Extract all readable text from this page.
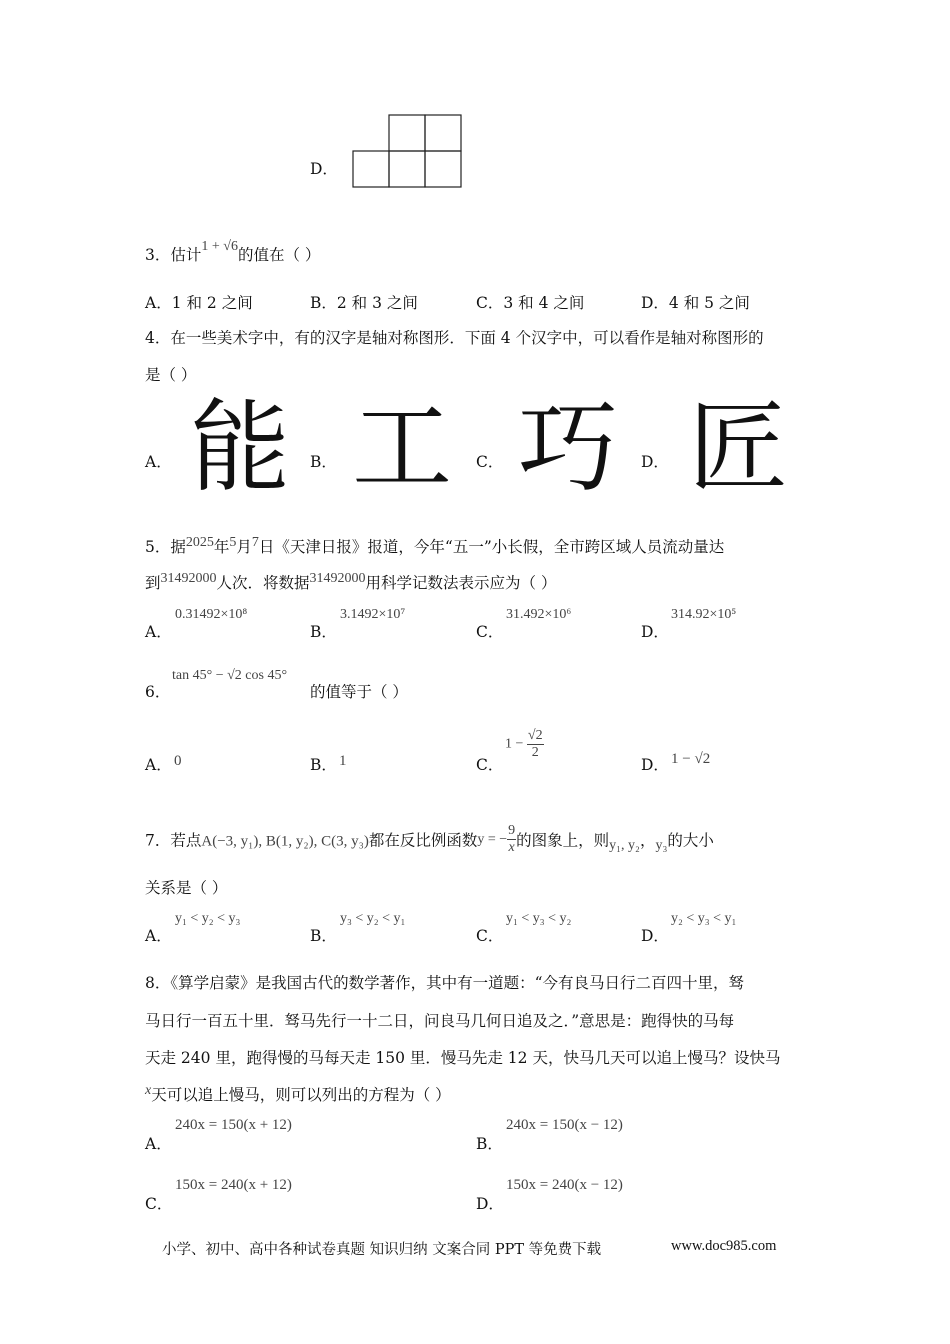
D．
3．估计1 + √6的值在（ ）
A．1 和 2 之间	B．2 和 3 之间	C．3 和 4 之间	D．4 和 5 之间
4．在一些美术字中，有的汉字是轴对称图形．下面 4 个汉字中，可以看作是轴对称图形的
是（ ）
A． 能 B． 工 C． 巧 D． 匠
5．据2025年5月7日《天津日报》报道，今年“五一”小长假，全市跨区域人员流动量达
到31492000人次．将数据31492000用科学记数法表示应为（ ）
A．
0.31492×10⁸
B．
3.1492×10⁷
C．
31.492×10⁶
D．
314.92×10⁵
6．
tan 45° − √2 cos 45°
的值等于（ ）
A． 0	B． 1	C．
$1 - \frac{√2}{2}$
D． 1 − √2
7．若点A(−3, y₁), B(1, y₂), C(3, y₃)都在反比例函数y = − $\frac{9}{x}$ 的图象上，则y₁, y₂，y₃的大小
关系是（ ）
A．
y₁ < y₂ < y₃
B．
y₃ < y₂ < y₁
C．
y₁ < y₃ < y₂
D．
y₂ < y₃ < y₁
8．《算学启蒙》是我国古代的数学著作，其中有一道题：“今有良马日行二百四十里，驽
马日行一百五十里．驽马先行一十二日，问良马几何日追及之．”意思是：跑得快的马每
天走 240 里，跑得慢的马每天走 150 里．慢马先走 12 天，快马几天可以追上慢马？设快马
x天可以追上慢马，则可以列出的方程为（ ）
A．
240x = 150(x + 12)
B．
240x = 150(x − 12)
C．
150x = 240(x + 12)
D．
150x = 240(x − 12)
小学、初中、高中各种试卷真题 知识归纳 文案合同 PPT 等免费下载	www.doc985.com
